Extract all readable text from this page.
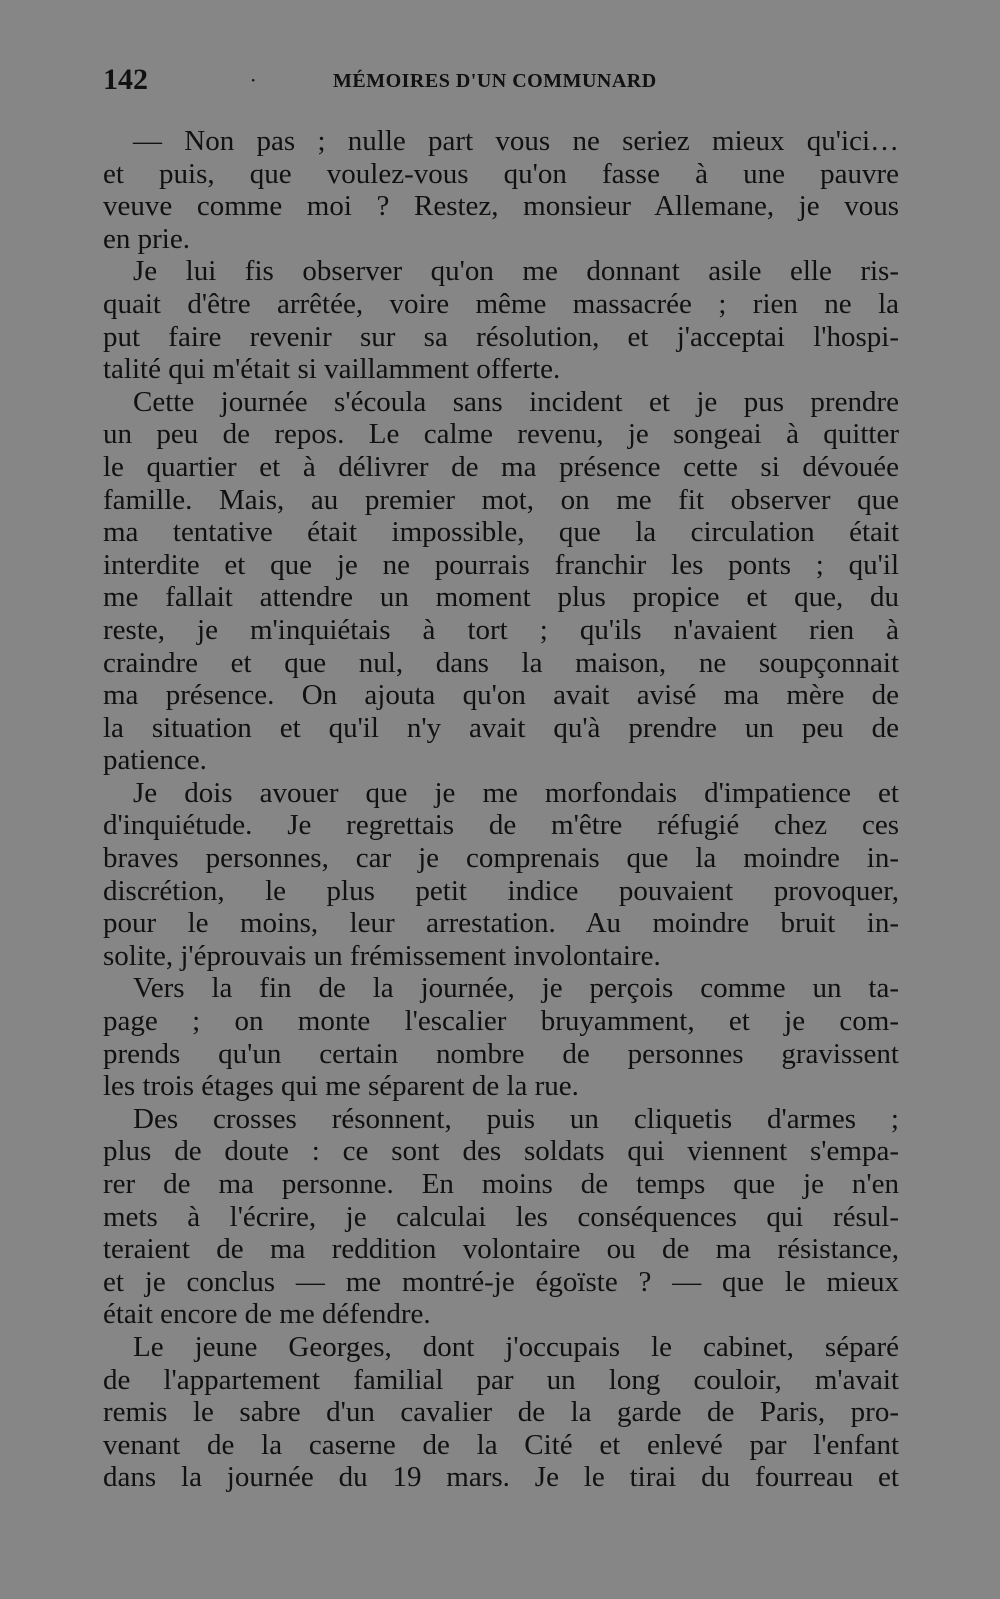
142	·	MÉMOIRES D'UN COMMUNARD
— Non pas ; nulle part vous ne seriez mieux qu'ici…
et puis, que voulez-vous qu'on fasse à une pauvre
veuve comme moi ? Restez, monsieur Allemane, je vous
en prie.
Je lui fis observer qu'on me donnant asile elle ris-
quait d'être arrêtée, voire même massacrée ; rien ne la
put faire revenir sur sa résolution, et j'acceptai l'hospi-
talité qui m'était si vaillamment offerte.
Cette journée s'écoula sans incident et je pus prendre
un peu de repos. Le calme revenu, je songeai à quitter
le quartier et à délivrer de ma présence cette si dévouée
famille. Mais, au premier mot, on me fit observer que
ma tentative était impossible, que la circulation était
interdite et que je ne pourrais franchir les ponts ; qu'il
me fallait attendre un moment plus propice et que, du
reste, je m'inquiétais à tort ; qu'ils n'avaient rien à
craindre et que nul, dans la maison, ne soupçonnait
ma présence. On ajouta qu'on avait avisé ma mère de
la situation et qu'il n'y avait qu'à prendre un peu de
patience.
Je dois avouer que je me morfondais d'impatience et
d'inquiétude. Je regrettais de m'être réfugié chez ces
braves personnes, car je comprenais que la moindre in-
discrétion, le plus petit indice pouvaient provoquer,
pour le moins, leur arrestation. Au moindre bruit in-
solite, j'éprouvais un frémissement involontaire.
Vers la fin de la journée, je perçois comme un ta-
page ; on monte l'escalier bruyamment, et je com-
prends qu'un certain nombre de personnes gravissent
les trois étages qui me séparent de la rue.
Des crosses résonnent, puis un cliquetis d'armes ;
plus de doute : ce sont des soldats qui viennent s'empa-
rer de ma personne. En moins de temps que je n'en
mets à l'écrire, je calculai les conséquences qui résul-
teraient de ma reddition volontaire ou de ma résistance,
et je conclus — me montré-je égoïste ? — que le mieux
était encore de me défendre.
Le jeune Georges, dont j'occupais le cabinet, séparé
de l'appartement familial par un long couloir, m'avait
remis le sabre d'un cavalier de la garde de Paris, pro-
venant de la caserne de la Cité et enlevé par l'enfant
dans la journée du 19 mars. Je le tirai du fourreau et
